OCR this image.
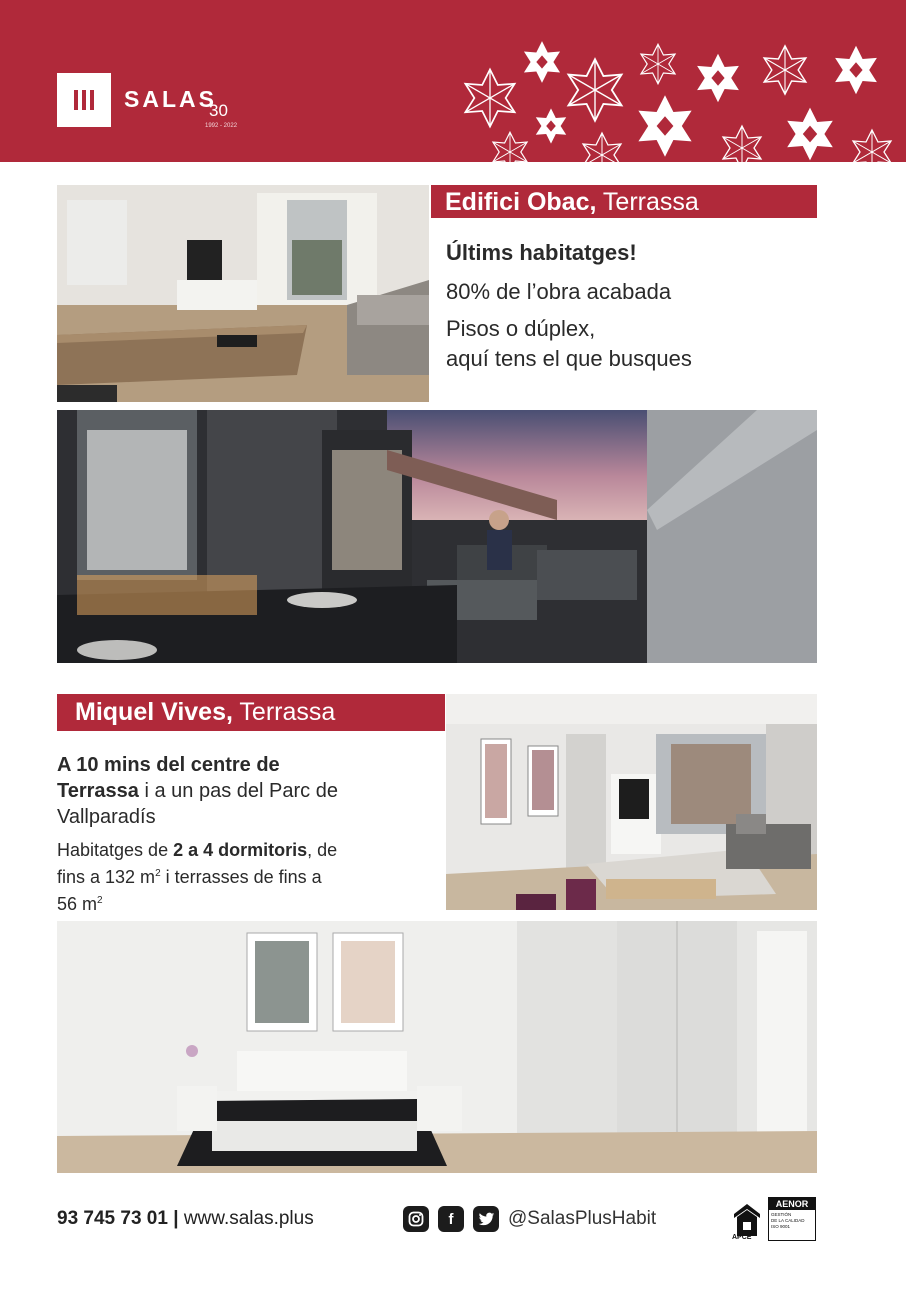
SALAS
30
1992 - 2022
Edifici Obac, Terrassa
Últims habitatges!
80% de l’obra acabada
Pisos o dúplex,
aquí tens el que busques
Miquel Vives, Terrassa
A 10 mins del centre de
Terrassa i a un pas del Parc de
Vallparadís
Habitatges de 2 a 4 dormitoris, de
fins a 132 $m^2$ i terrasses de fins a
56 $m^2$
93 745 73 01 | www.salas.plus	f	@SalasPlusHabit
APCE
AENOR
GESTIÓN
DE LA CALIDAD
ISO 9001
